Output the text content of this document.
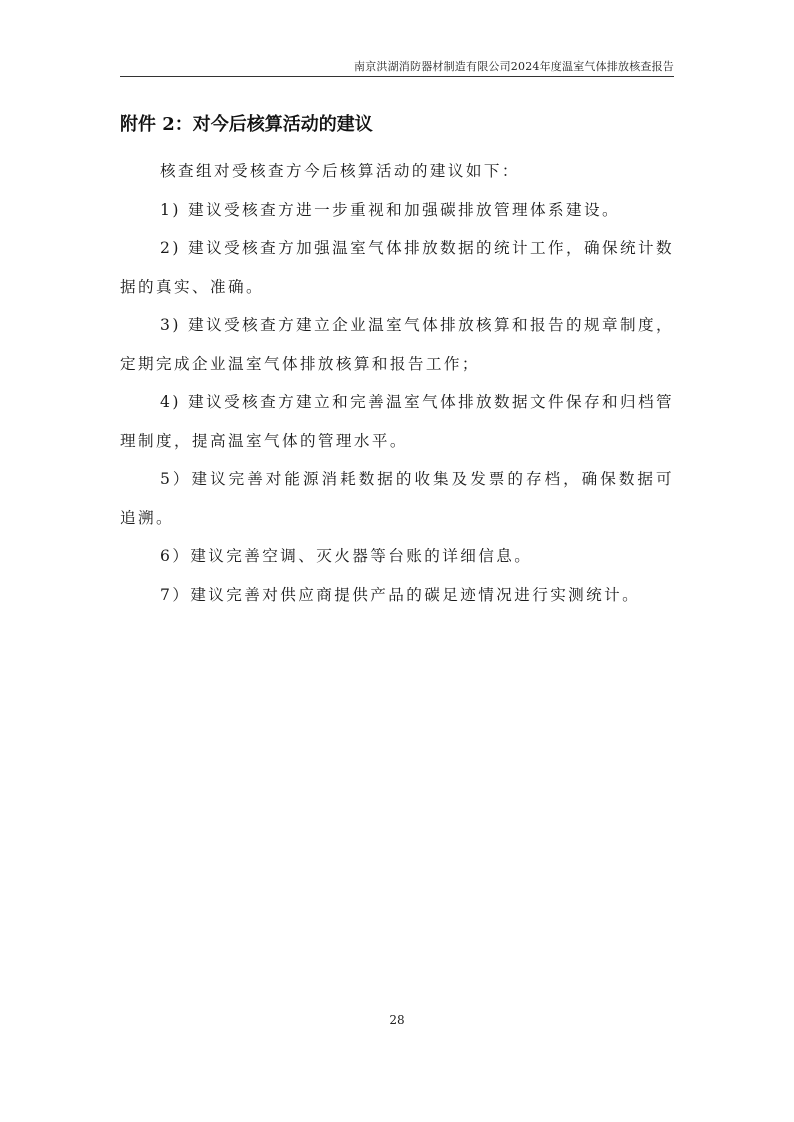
南京洪湖消防器材制造有限公司2024年度温室气体排放核查报告
附件 2：对今后核算活动的建议

核查组对受核查方今后核算活动的建议如下：

1) 建议受核查方进一步重视和加强碳排放管理体系建设。

2) 建议受核查方加强温室气体排放数据的统计工作，确保统计数据的真实、准确。

3) 建议受核查方建立企业温室气体排放核算和报告的规章制度，定期完成企业温室气体排放核算和报告工作；

4) 建议受核查方建立和完善温室气体排放数据文件保存和归档管理制度，提高温室气体的管理水平。

5）建议完善对能源消耗数据的收集及发票的存档，确保数据可追溯。

6）建议完善空调、灭火器等台账的详细信息。

7）建议完善对供应商提供产品的碳足迹情况进行实测统计。

28
